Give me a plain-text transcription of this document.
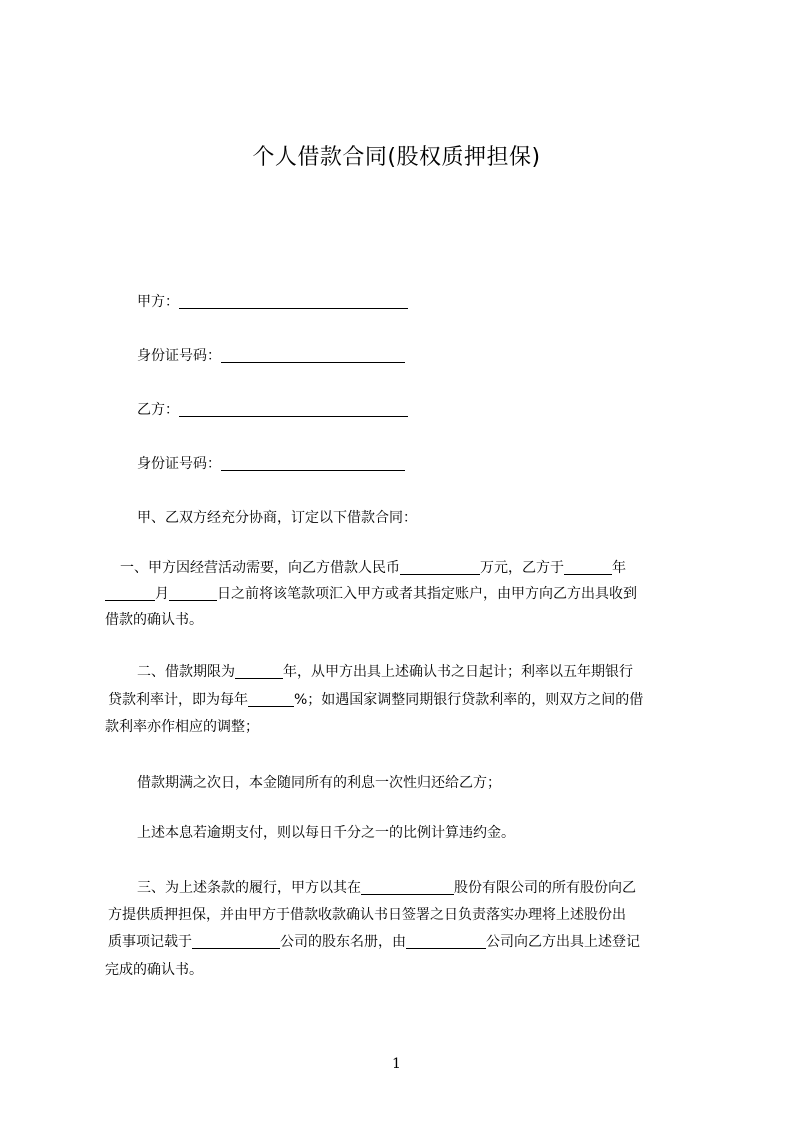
个人借款合同(股权质押担保)
甲方：
身份证号码：
乙方：
身份证号码：
甲、乙双方经充分协商，订定以下借款合同：
一、甲方因经营活动需要，向乙方借款人民币	万元，乙方于	年
月	日之前将该笔款项汇入甲方或者其指定账户，由甲方向乙方出具收到
借款的确认书。
二、借款期限为	年，从甲方出具上述确认书之日起计；利率以五年期银行
贷款利率计，即为每年	%；如遇国家调整同期银行贷款利率的，则双方之间的借
款利率亦作相应的调整；
借款期满之次日，本金随同所有的利息一次性归还给乙方；
上述本息若逾期支付，则以每日千分之一的比例计算违约金。
三、为上述条款的履行，甲方以其在	股份有限公司的所有股份向乙
方提供质押担保，并由甲方于借款收款确认书日签署之日负责落实办理将上述股份出
质事项记载于	公司的股东名册，由	公司向乙方出具上述登记
完成的确认书。
1
